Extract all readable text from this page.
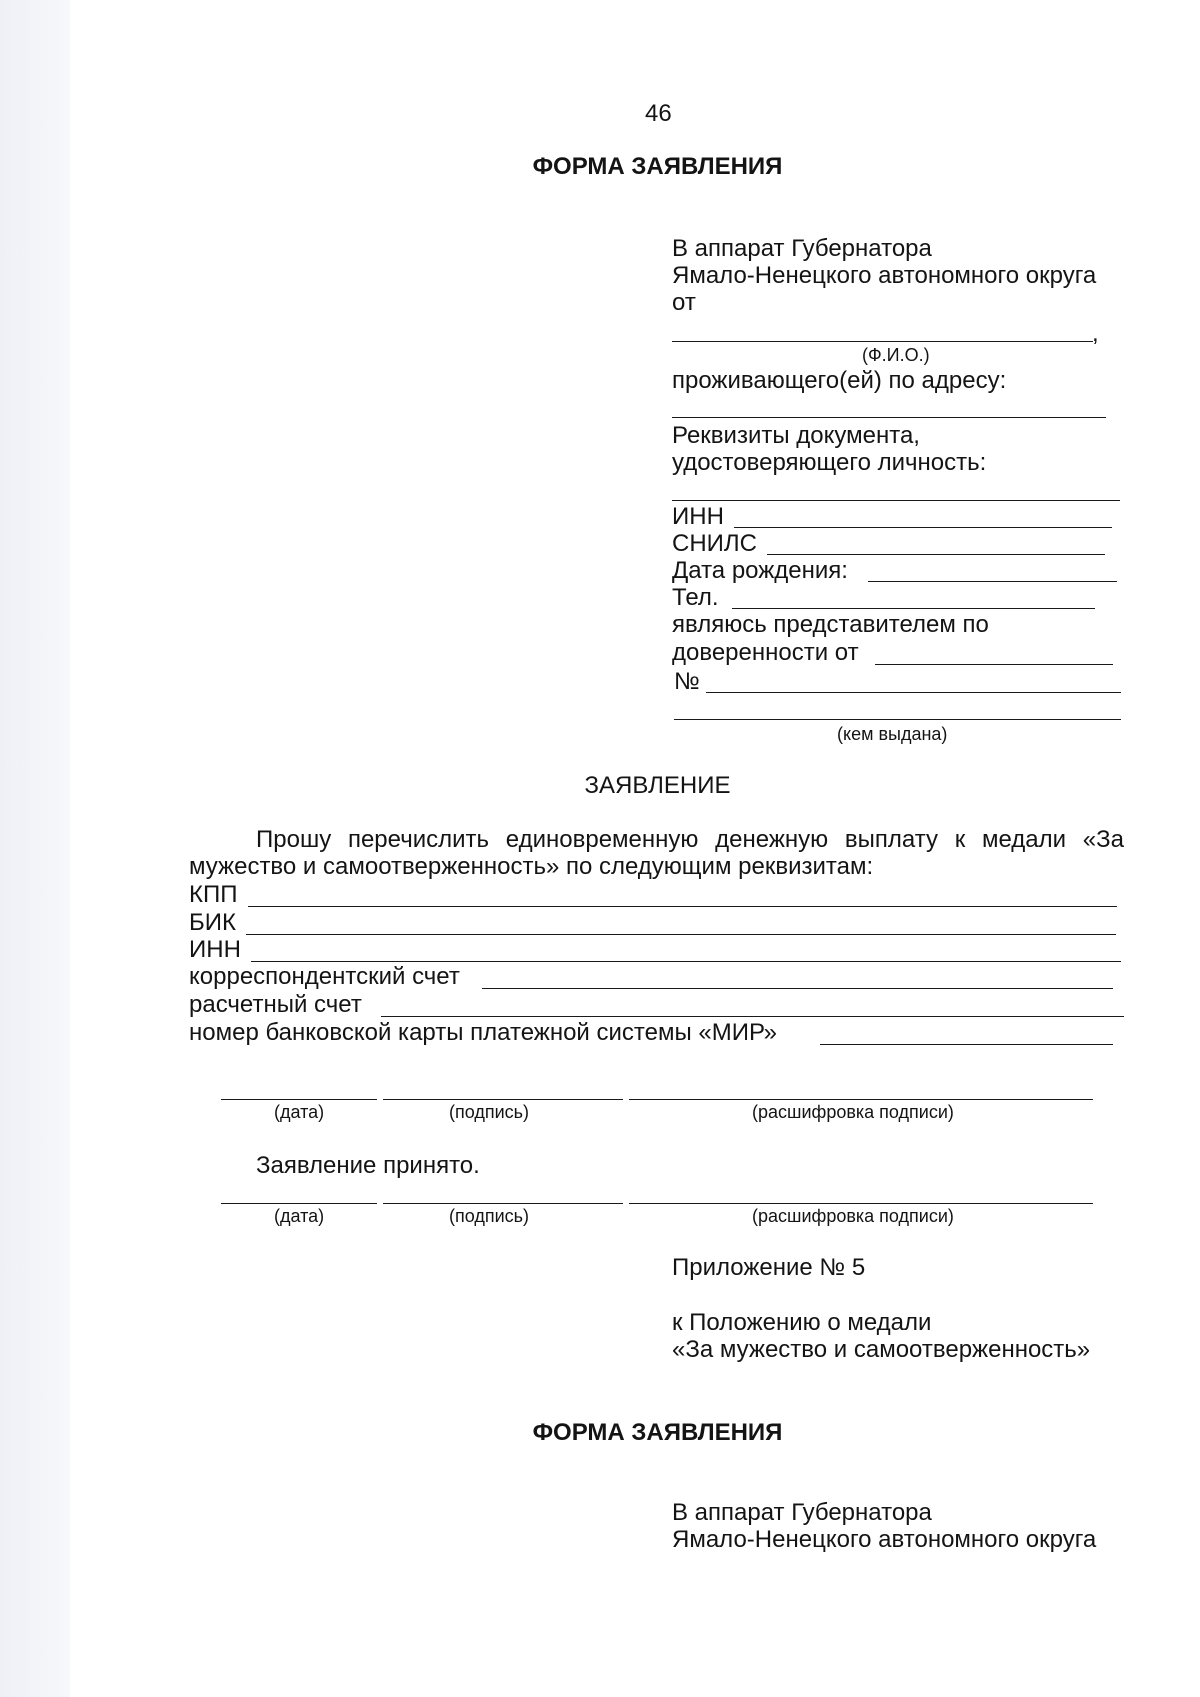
46
ФОРМА ЗАЯВЛЕНИЯ
В аппарат Губернатора
Ямало-Ненецкого автономного округа
от
,
(Ф.И.О.)
проживающего(ей) по адресу:
Реквизиты документа,
удостоверяющего личность:
ИНН
СНИЛС
Дата рождения:
Тел.
являюсь представителем по
доверенности от
№
(кем выдана)
ЗАЯВЛЕНИЕ
Прошу перечислить единовременную денежную выплату к медали «За
мужество и самоотверженность» по следующим реквизитам:
КПП
БИК
ИНН
корреспондентский счет
расчетный счет
номер банковской карты платежной системы «МИР»
(дата)	(подпись)	(расшифровка подписи)
Заявление принято.
(дата)	(подпись)	(расшифровка подписи)
Приложение № 5
к Положению о медали
«За мужество и самоотверженность»
ФОРМА ЗАЯВЛЕНИЯ
В аппарат Губернатора
Ямало-Ненецкого автономного округа
